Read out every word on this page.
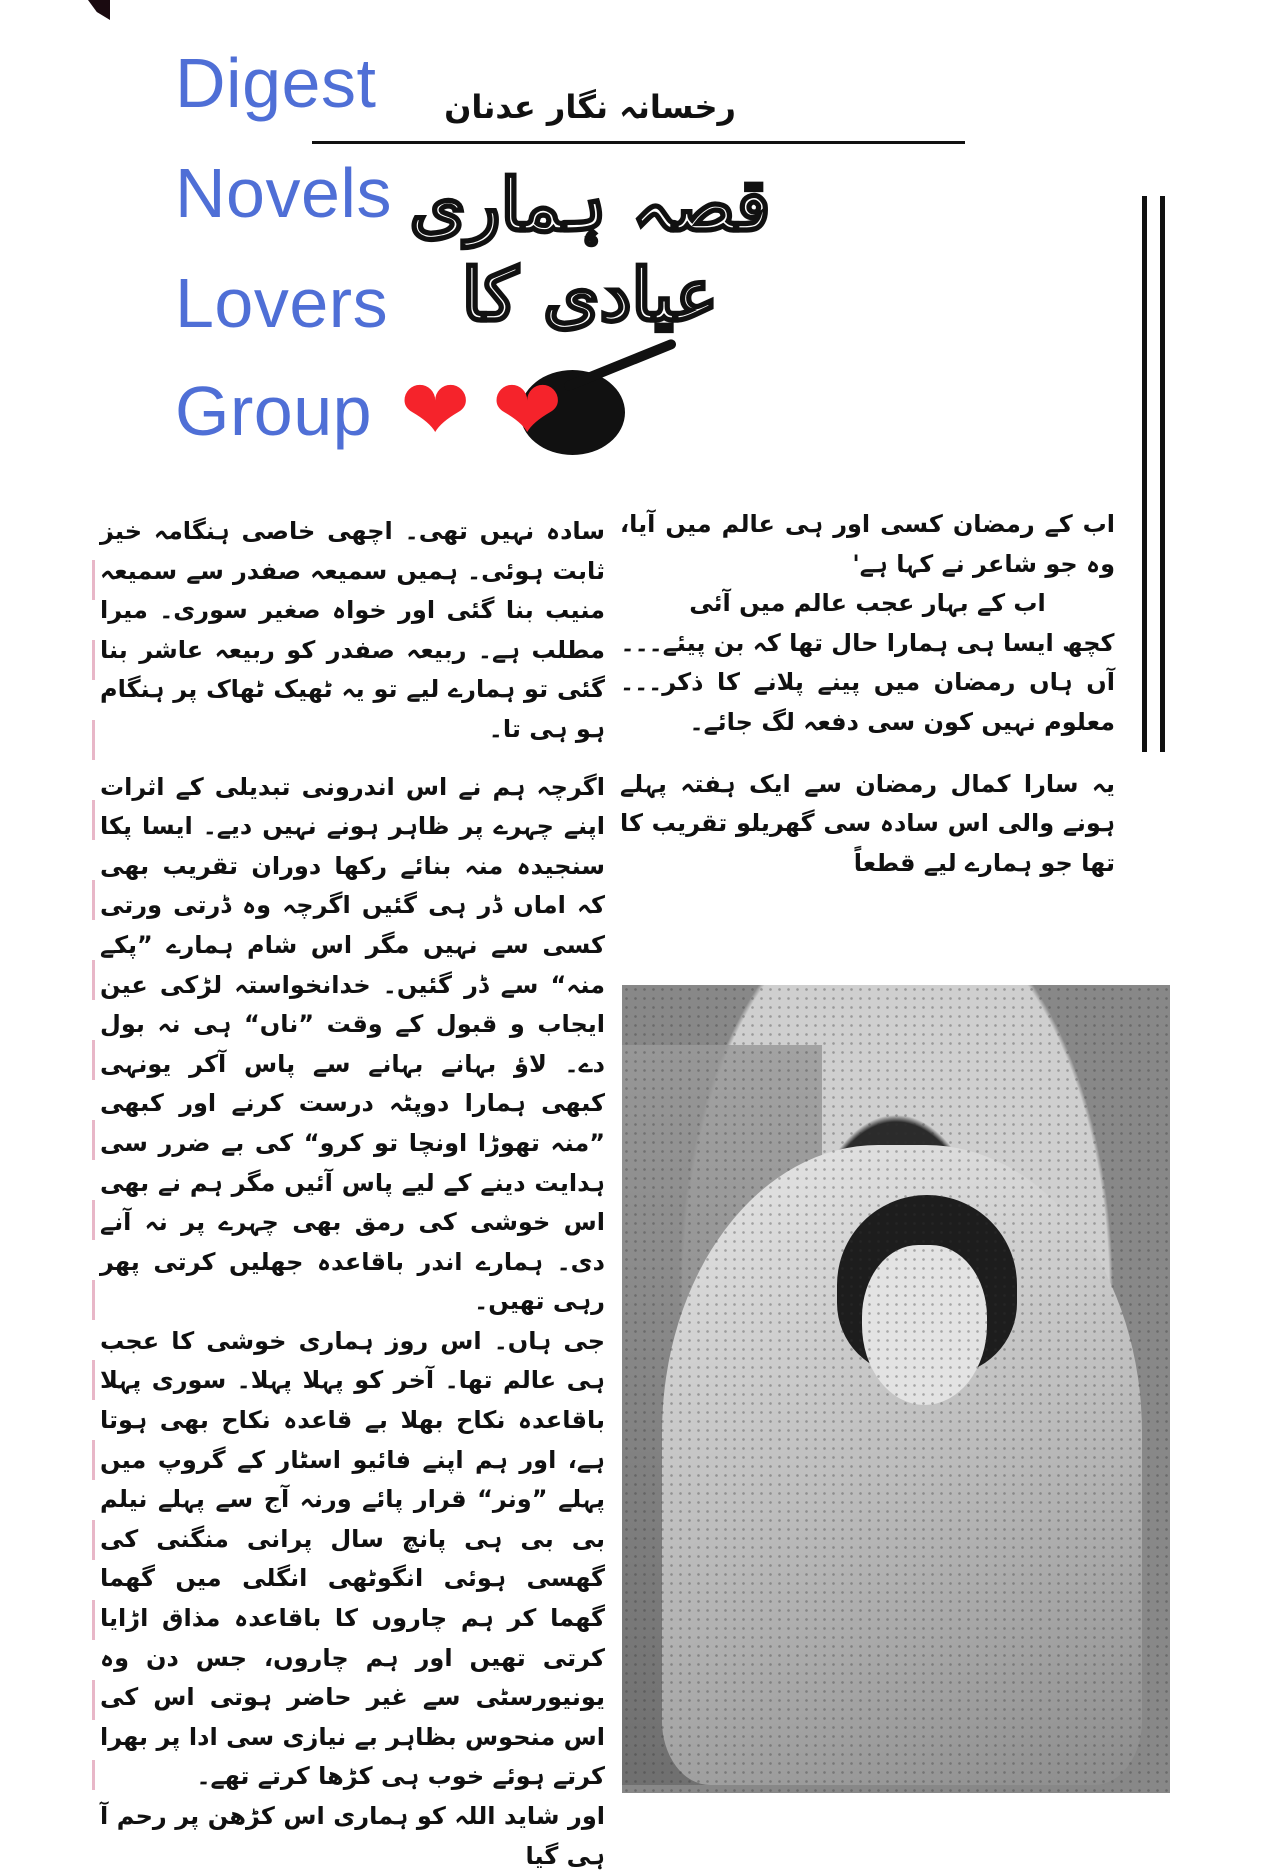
Digest
Novels
Lovers
Group
قصہ ہماری عیادی کا
❤ ❤
رخسانہ نگار عدنان

اب کے رمضان کسی اور ہی عالم میں آیا، وہ جو شاعر نے کہا ہے'

اب کے بہار عجب عالم میں آئی

کچھ ایسا ہی ہمارا حال تھا کہ بن پیئے۔۔۔

آں ہاں رمضان میں پینے پلانے کا ذکر۔۔۔ معلوم نہیں کون سی دفعہ لگ جائے۔

یہ سارا کمال رمضان سے ایک ہفتہ پہلے ہونے والی اس سادہ سی گھریلو تقریب کا تھا جو ہمارے لیے قطعاً

سادہ نہیں تھی۔ اچھی خاصی ہنگامہ خیز ثابت ہوئی۔ ہمیں سمیعہ صفدر سے سمیعہ منیب بنا گئی اور خواہ صغیر سوری۔ میرا مطلب ہے۔ ربیعہ صفدر کو ربیعہ عاشر بنا گئی تو ہمارے لیے تو یہ ٹھیک ٹھاک پر ہنگام ہو ہی تا۔

اگرچہ ہم نے اس اندرونی تبدیلی کے اثرات اپنے چہرے پر ظاہر ہونے نہیں دیے۔ ایسا پکا سنجیدہ منہ بنائے رکھا دوران تقریب بھی کہ اماں ڈر ہی گئیں اگرچہ وہ ڈرتی ورتی کسی سے نہیں مگر اس شام ہمارے ”پکے منہ“ سے ڈر گئیں۔ خدانخواستہ لڑکی عین ایجاب و قبول کے وقت ”ناں“ ہی نہ بول دے۔ لاؤ بہانے بہانے سے پاس آکر یونہی کبھی ہمارا دوپٹہ درست کرنے اور کبھی ”منہ تھوڑا اونچا تو کرو“ کی بے ضرر سی ہدایت دینے کے لیے پاس آئیں مگر ہم نے بھی اس خوشی کی رمق بھی چہرے پر نہ آنے دی۔ ہمارے اندر باقاعدہ جھلیں کرتی پھر رہی تھیں۔

جی ہاں۔ اس روز ہماری خوشی کا عجب ہی عالم تھا۔ آخر کو پہلا پہلا۔ سوری پہلا باقاعدہ نکاح بھلا بے قاعدہ نکاح بھی ہوتا ہے، اور ہم اپنے فائیو اسٹار کے گروپ میں پہلے ”ونر“ قرار پائے ورنہ آج سے پہلے نیلم بی بی ہی پانچ سال پرانی منگنی کی گھسی ہوئی انگوٹھی انگلی میں گھما گھما کر ہم چاروں کا باقاعدہ مذاق اڑایا کرتی تھیں اور ہم چاروں، جس دن وہ یونیورسٹی سے غیر حاضر ہوتی اس کی اس منحوس بظاہر بے نیازی سی ادا پر بھرا کرتے ہوئے خوب ہی کڑھا کرتے تھے۔

اور شاید اللہ کو ہماری اس کڑھن پر رحم آ ہی گیا
